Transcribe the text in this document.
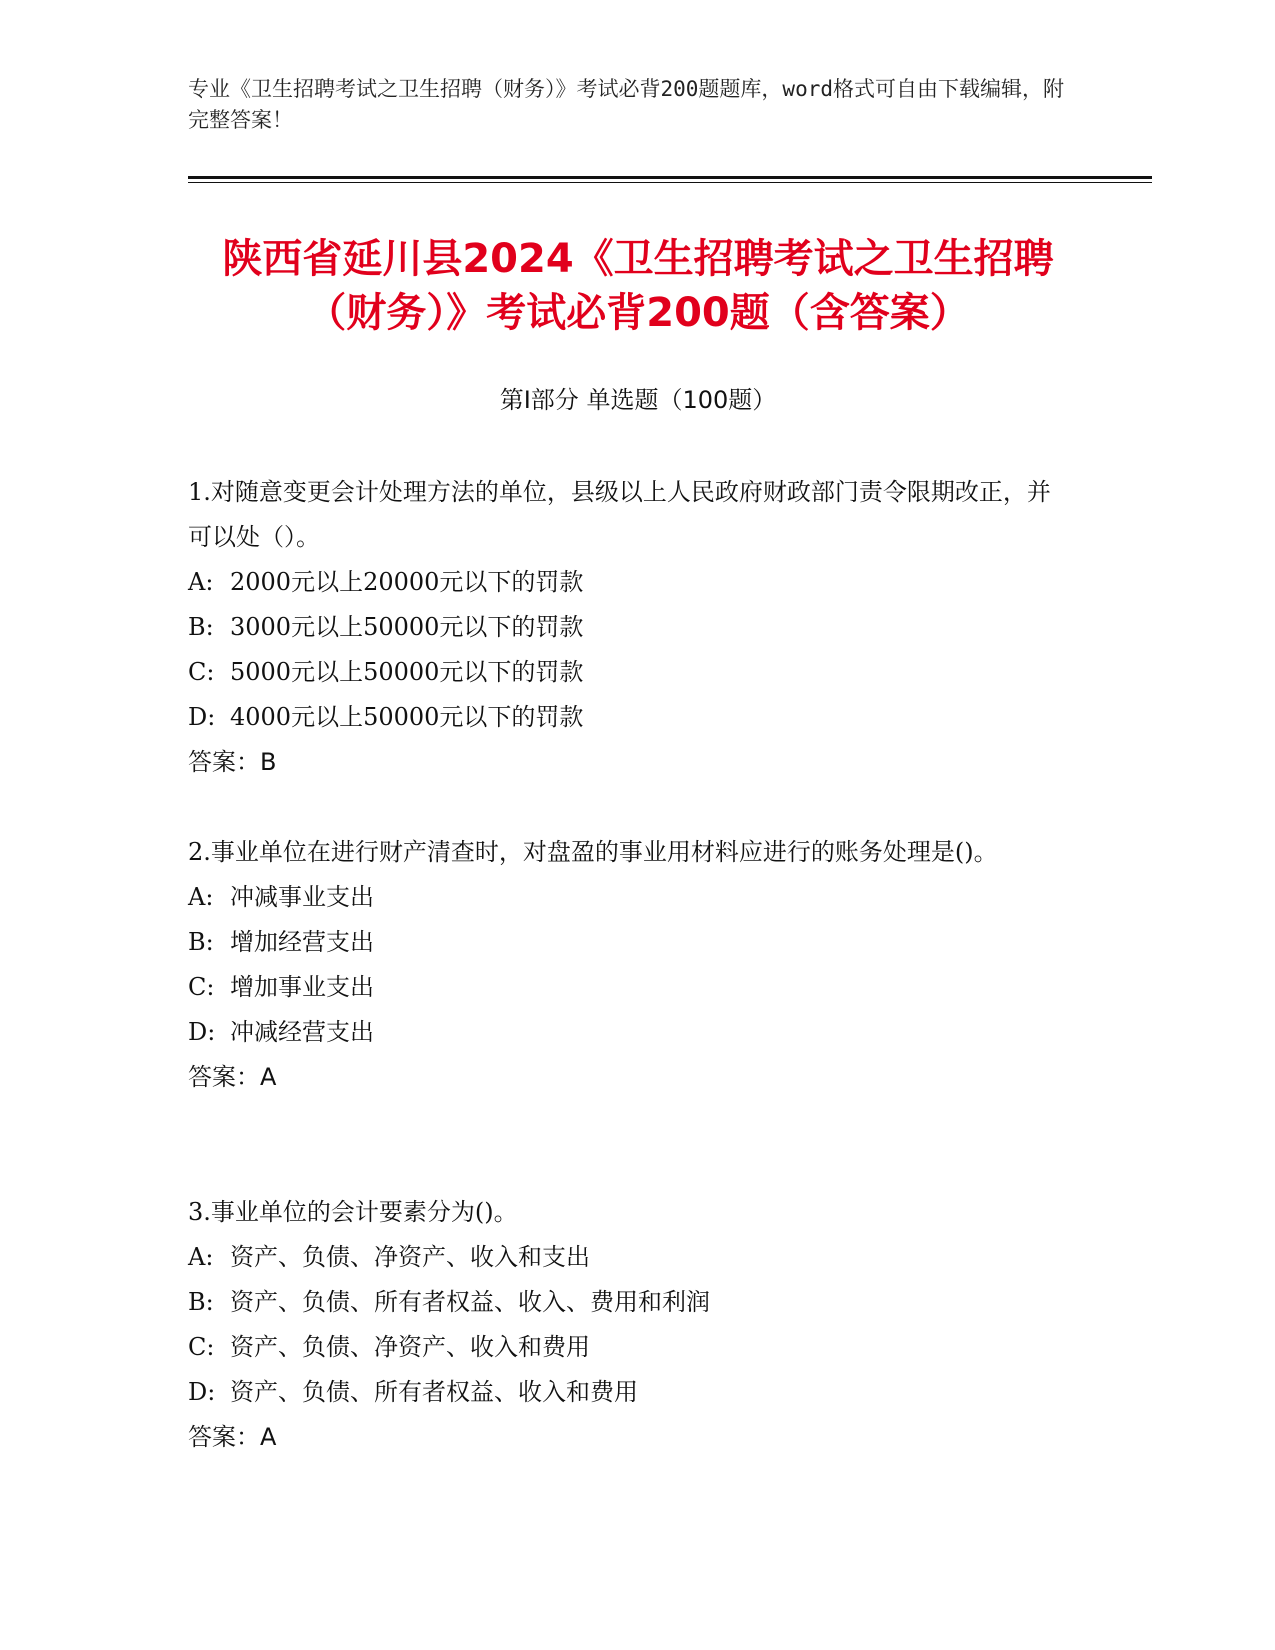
专业《卫生招聘考试之卫生招聘（财务）》考试必背200题题库，word格式可自由下载编辑，附完整答案！
陕西省延川县2024《卫生招聘考试之卫生招聘（财务）》考试必背200题（含答案）
第Ⅰ部分 单选题（100题）

1.对随意变更会计处理方法的单位，县级以上人民政府财政部门责令限期改正，并可以处（）。

A: 2000元以上20000元以下的罚款

B: 3000元以上50000元以下的罚款

C: 5000元以上50000元以下的罚款

D: 4000元以上50000元以下的罚款

答案：B

2.事业单位在进行财产清查时，对盘盈的事业用材料应进行的账务处理是()。

A: 冲减事业支出

B: 增加经营支出

C: 增加事业支出

D: 冲减经营支出

答案：A

3.事业单位的会计要素分为()。

A: 资产、负债、净资产、收入和支出

B: 资产、负债、所有者权益、收入、费用和利润

C: 资产、负债、净资产、收入和费用

D: 资产、负债、所有者权益、收入和费用

答案：A
